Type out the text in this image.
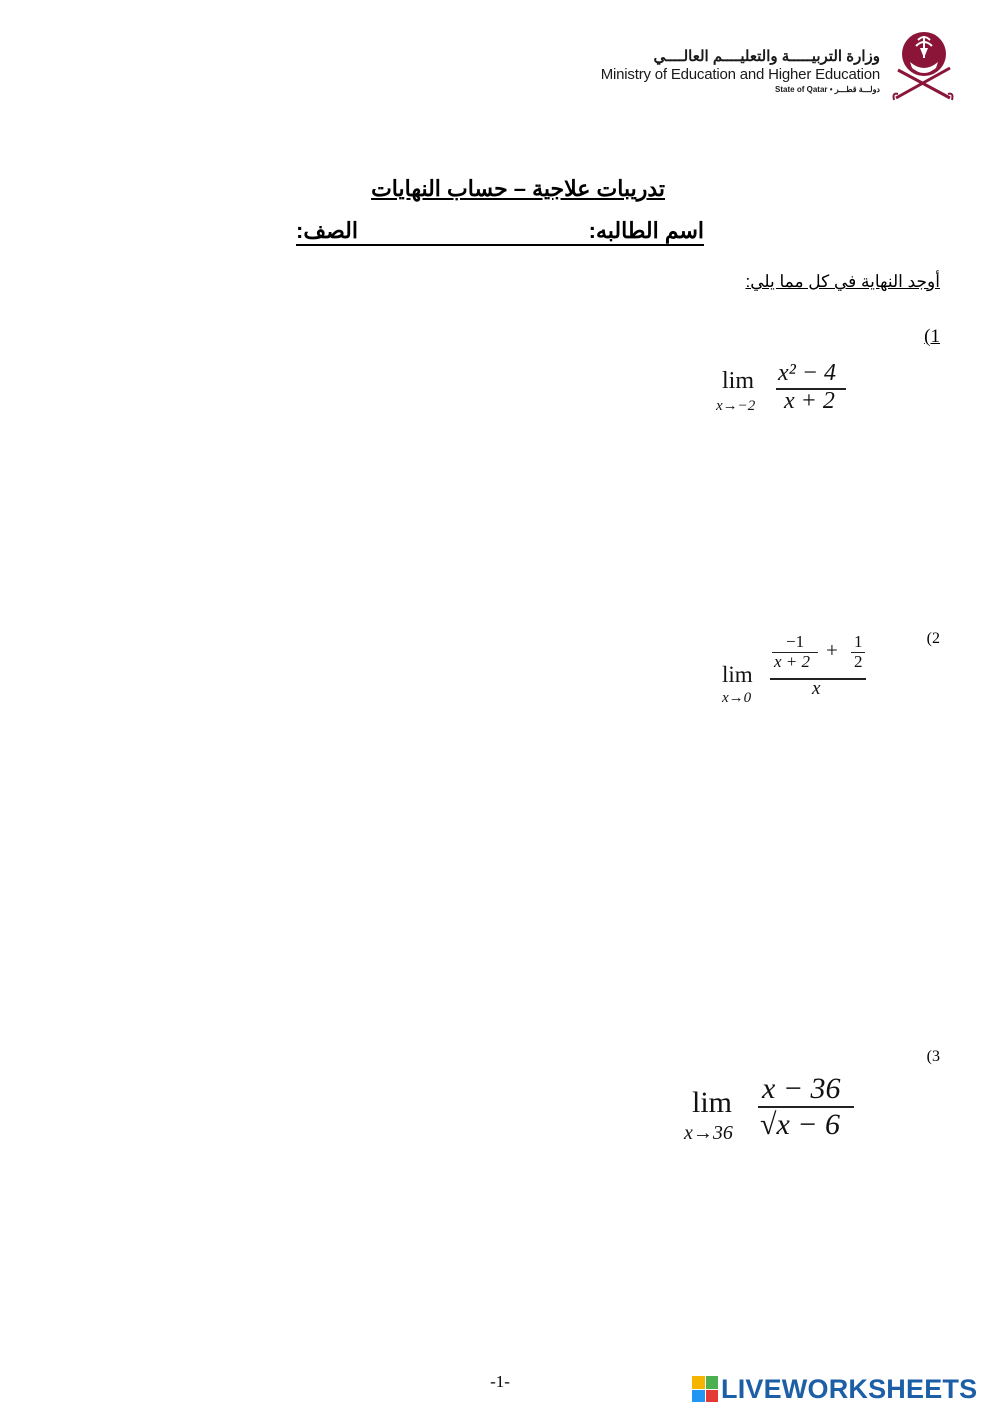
وزارة التربيـــــة والتعليــــم العالــــي
Ministry of Education and Higher Education
State of Qatar • دولـــة قطـــر
تدريبات علاجية – حساب النهايات
اسم الطالبه:
الصف:
أوجد النهاية في كل مما يلي:
(1
lim
x→−2
x² − 4
x + 2
(2
lim
x→0
−1
x + 2 + 1
2
x
(3
lim
x→36
x − 36
√x − 6
-1-	LIVEWORKSHEETS
